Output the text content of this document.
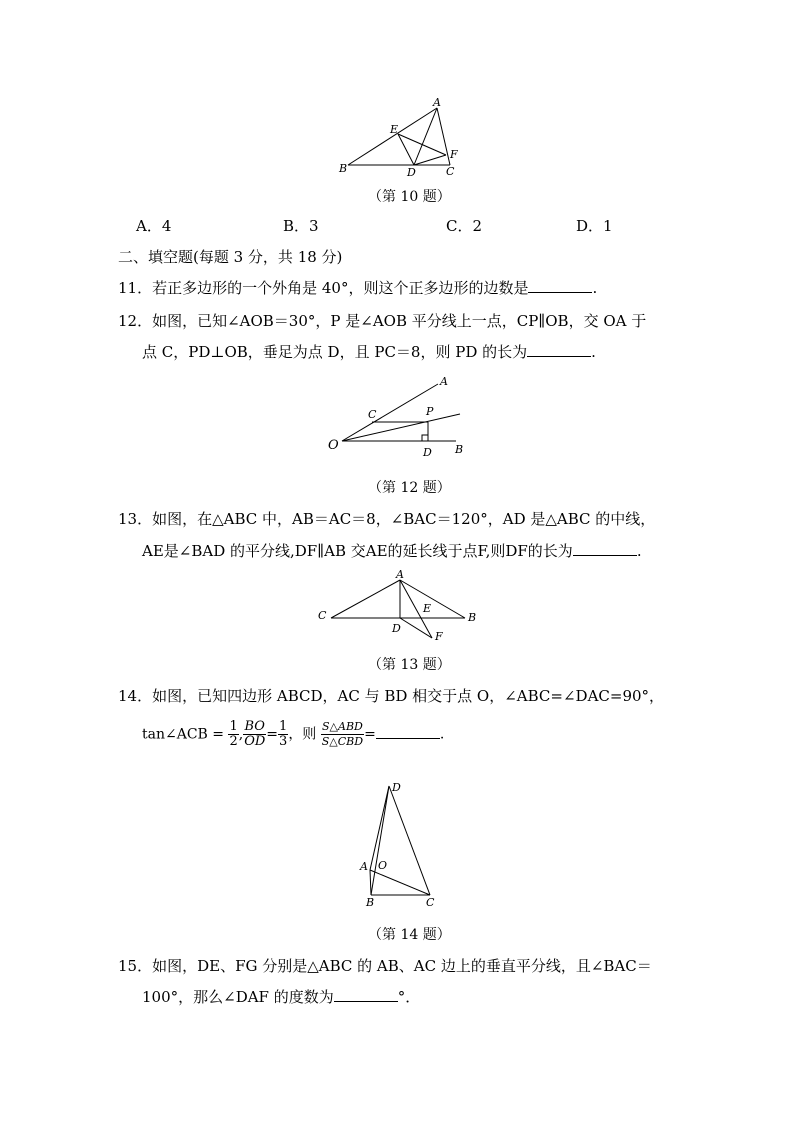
A
E
F
B	D	C
（第 10 题）
A．4	B．3	C．2	D．1
二、填空题(每题 3 分，共 18 分)
11．若正多边形的一个外角是 40°，则这个正多边形的边数是	.
12．如图，已知∠AOB＝30°，P 是∠AOB 平分线上一点，CP∥OB，交 OA 于
点 C，PD⊥OB，垂足为点 D，且 PC＝8，则 PD 的长为	.
A
C	P
O	D B
（第 12 题）
13．如图，在△ABC 中，AB＝AC＝8，∠BAC＝120°，AD 是△ABC 的中线，
AE是∠BAD 的平分线,DF∥AB 交AE的延长线于点F,则DF的长为	.
A
C
E
B
D
F
（第 13 题）
14．如图，已知四边形 ABCD，AC 与 BD 相交于点 O，∠ABC=∠DAC=90°，
tan∠ACB = $\frac{1}{2}$ , $\frac{BO}{OD} = \frac{1}{3}$ ，则 $\frac{\text{S△ABD}}{\text{S△CBD}}$ =	.
D
A O
B	C
（第 14 题）
15．如图，DE、FG 分别是△ABC 的 AB、AC 边上的垂直平分线，且∠BAC＝
100°，那么∠DAF 的度数为	°．
